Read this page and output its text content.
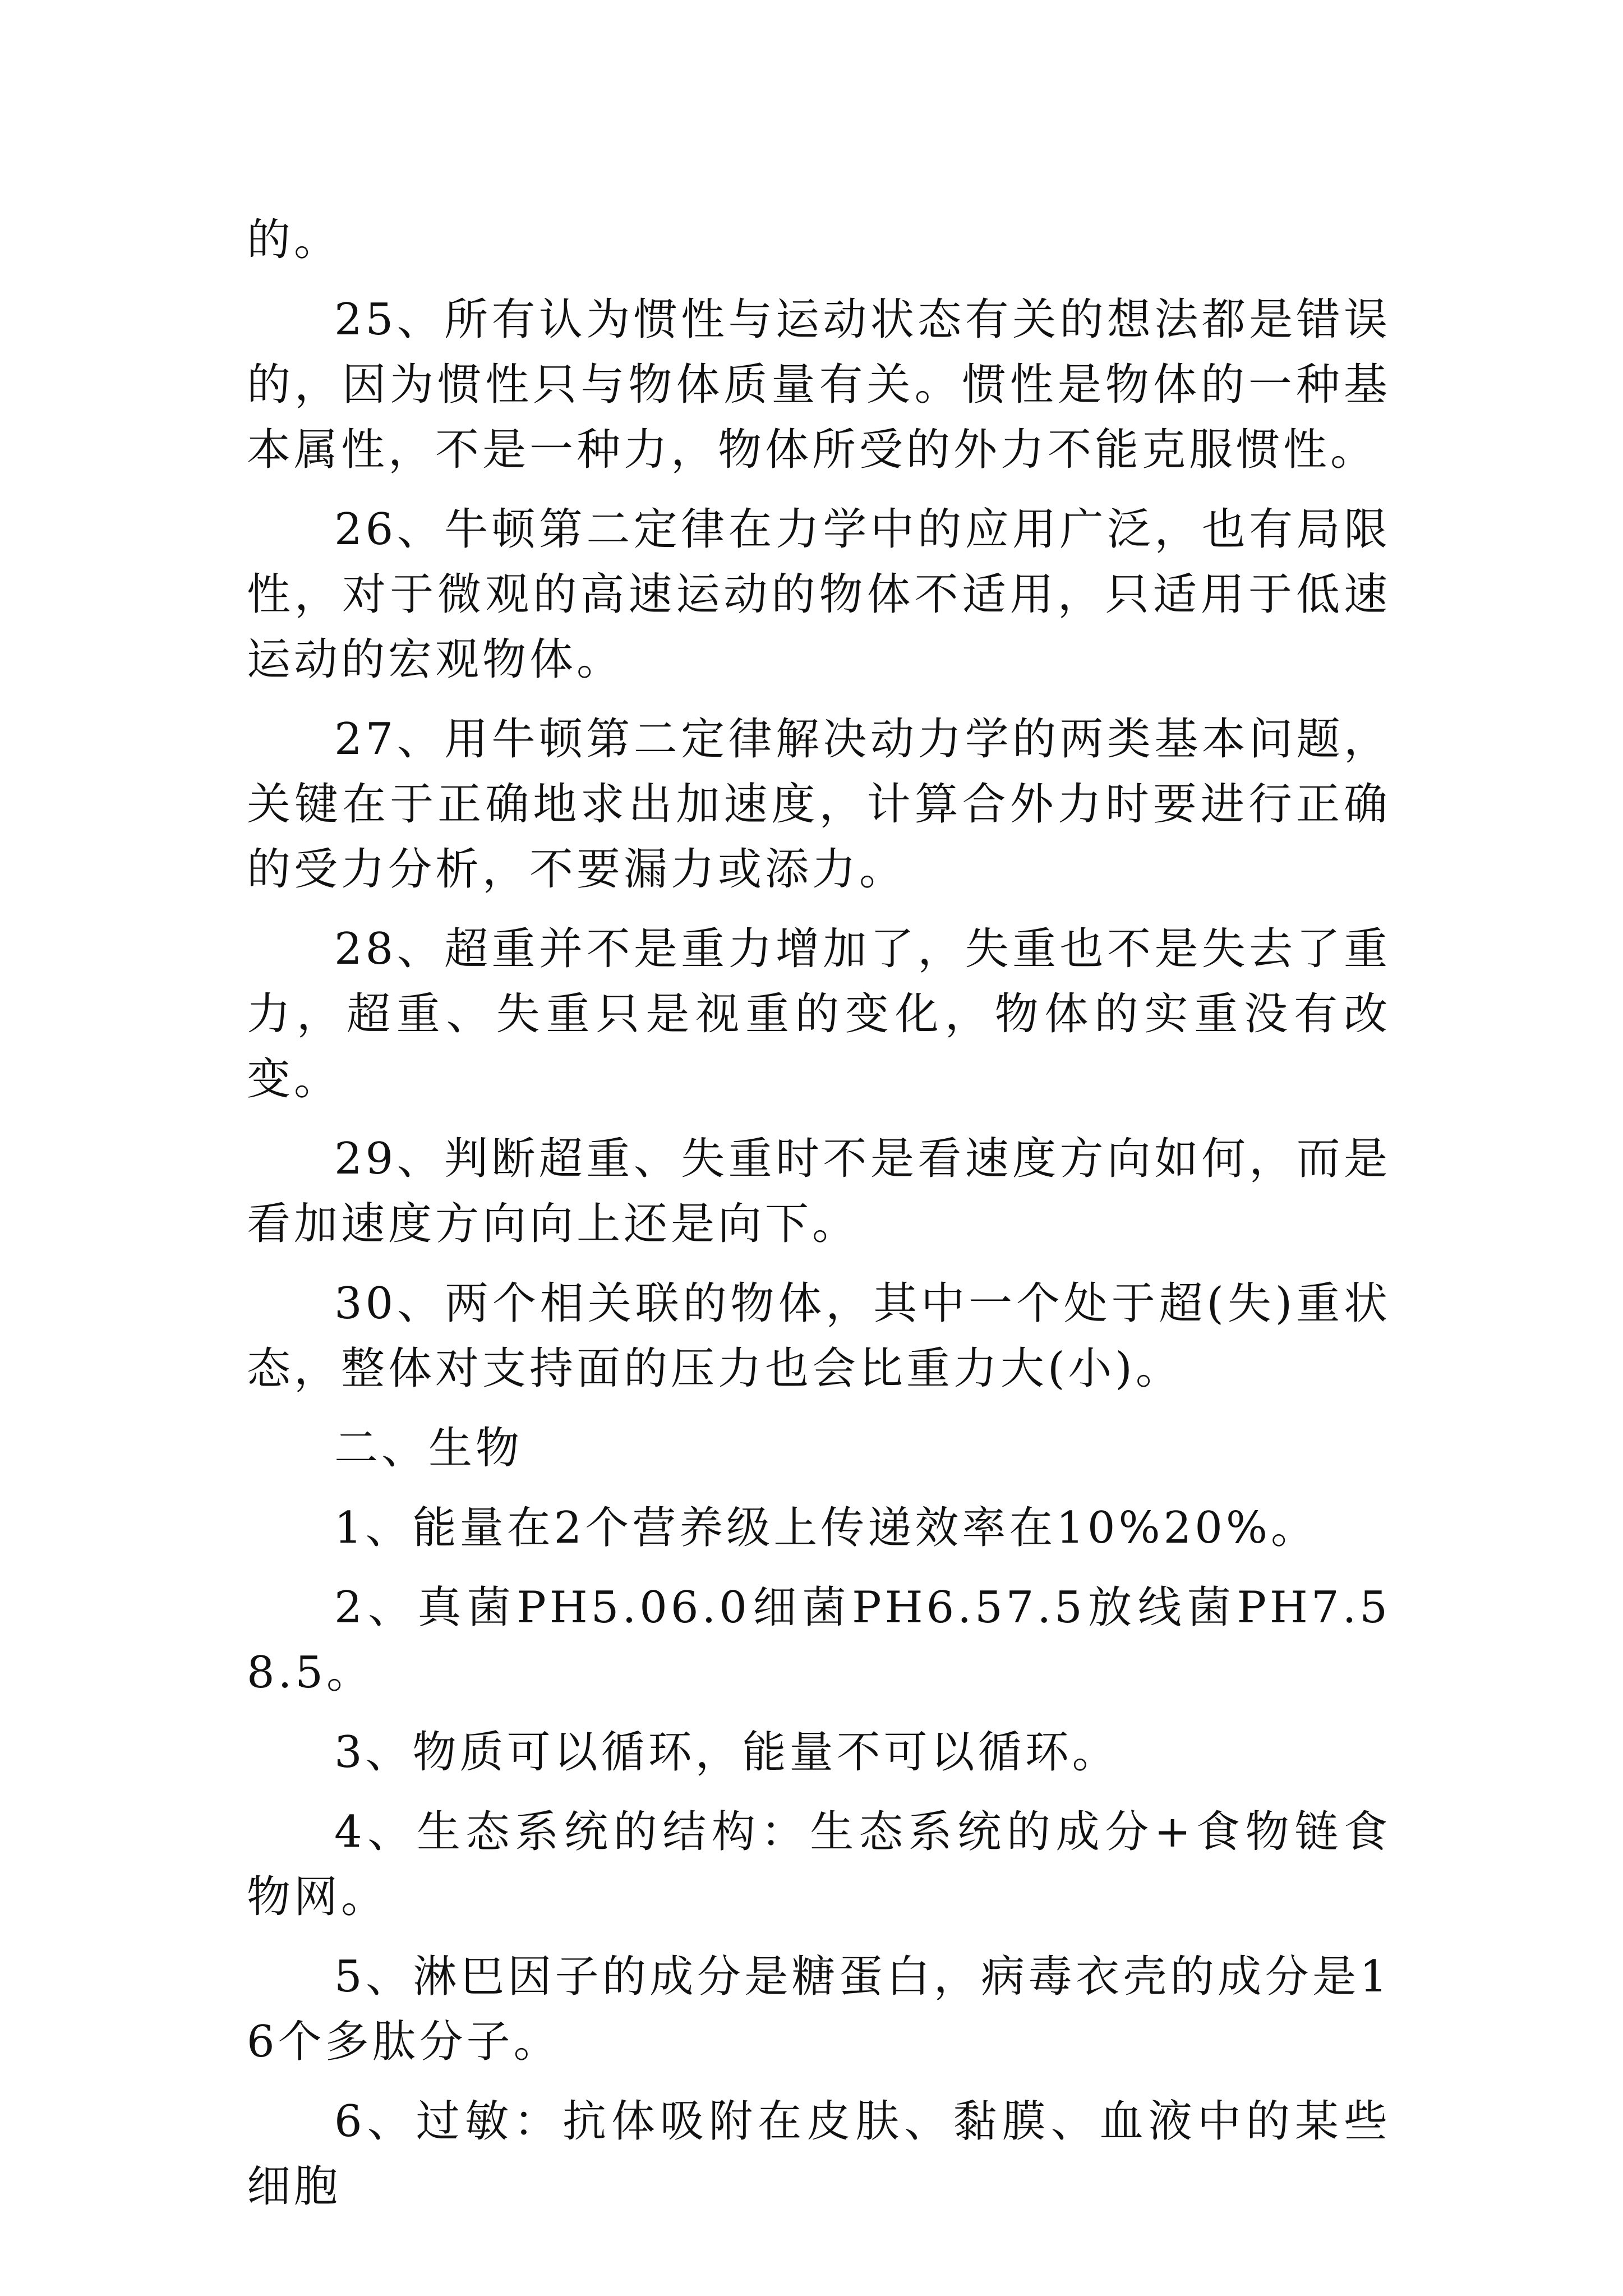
的。

25、所有认为惯性与运动状态有关的想法都是错误的，因为惯性只与物体质量有关。惯性是物体的一种基本属性，不是一种力，物体所受的外力不能克服惯性。

26、牛顿第二定律在力学中的应用广泛，也有局限性，对于微观的高速运动的物体不适用，只适用于低速运动的宏观物体。

27、用牛顿第二定律解决动力学的两类基本问题，关键在于正确地求出加速度，计算合外力时要进行正确的受力分析，不要漏力或添力。

28、超重并不是重力增加了，失重也不是失去了重力，超重、失重只是视重的变化，物体的实重没有改变。

29、判断超重、失重时不是看速度方向如何，而是看加速度方向向上还是向下。

30、两个相关联的物体，其中一个处于超(失)重状态，整体对支持面的压力也会比重力大(小)。

二、生物

1、能量在2个营养级上传递效率在10%20%。

2、真菌PH5.06.0细菌PH6.57.5放线菌PH7.58.5。

3、物质可以循环，能量不可以循环。

4、生态系统的结构：生态系统的成分+食物链食物网。

5、淋巴因子的成分是糖蛋白，病毒衣壳的成分是16个多肽分子。

6、过敏：抗体吸附在皮肤、黏膜、血液中的某些细胞
